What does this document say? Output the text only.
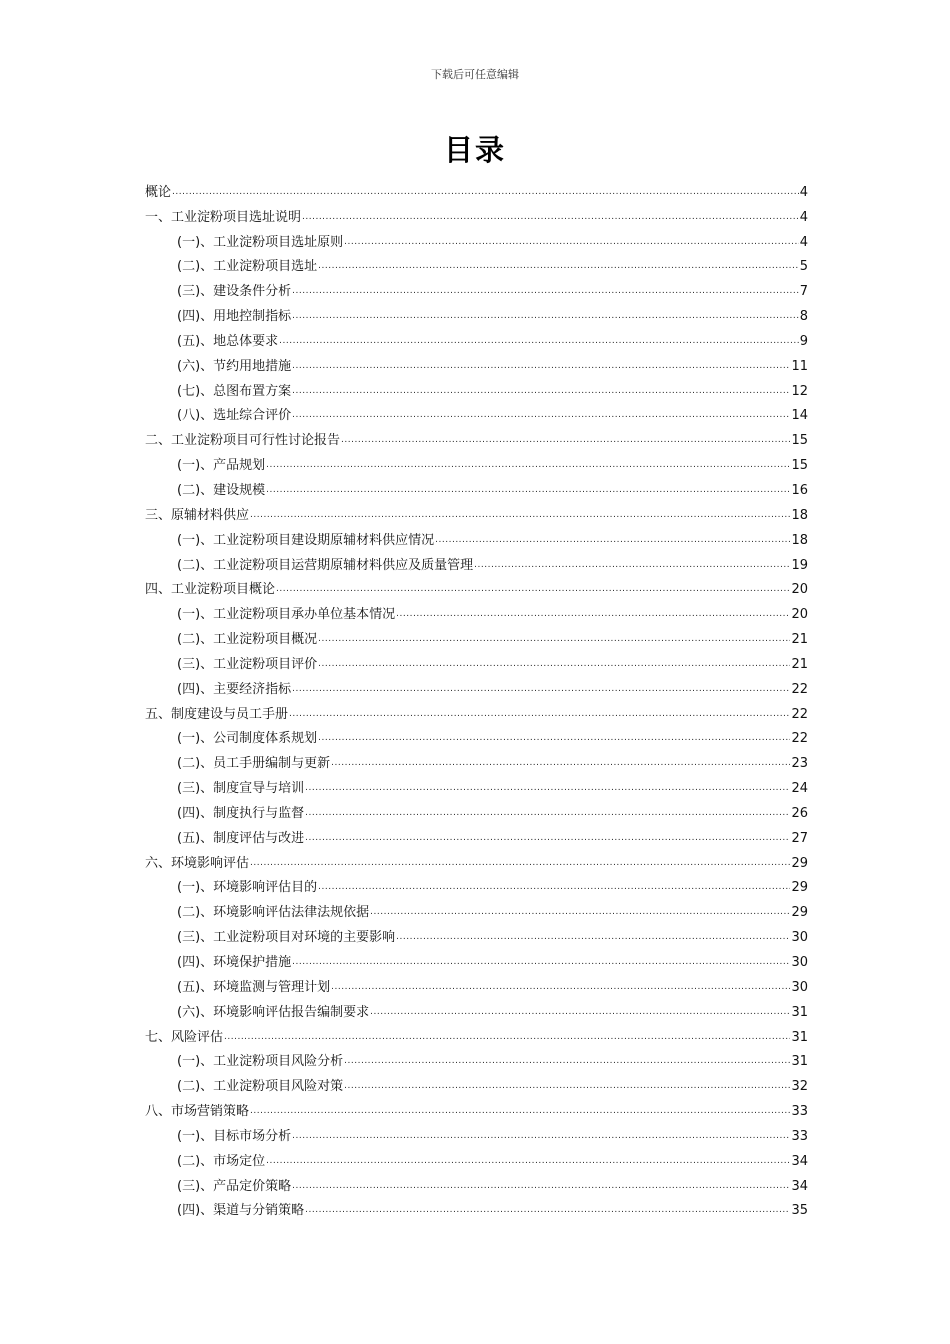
下载后可任意编辑
目录
概论 .....	4
一、工业淀粉项目选址说明 .....	4
(一)、工业淀粉项目选址原则 .....	4
(二)、工业淀粉项目选址 .....	5
(三)、建设条件分析 .....	7
(四)、用地控制指标 .....	8
(五)、地总体要求 .....	9
(六)、节约用地措施 .....	11
(七)、总图布置方案 .....	12
(八)、选址综合评价 .....	14
二、工业淀粉项目可行性讨论报告 .....	15
(一)、产品规划 .....	15
(二)、建设规模 .....	16
三、原辅材料供应 .....	18
(一)、工业淀粉项目建设期原辅材料供应情况 .....	18
(二)、工业淀粉项目运营期原辅材料供应及质量管理 .....	19
四、工业淀粉项目概论 .....	20
(一)、工业淀粉项目承办单位基本情况 .....	20
(二)、工业淀粉项目概况 .....	21
(三)、工业淀粉项目评价 .....	21
(四)、主要经济指标 .....	22
五、制度建设与员工手册 .....	22
(一)、公司制度体系规划 .....	22
(二)、员工手册编制与更新 .....	23
(三)、制度宣导与培训 .....	24
(四)、制度执行与监督 .....	26
(五)、制度评估与改进 .....	27
六、环境影响评估 .....	29
(一)、环境影响评估目的 .....	29
(二)、环境影响评估法律法规依据 .....	29
(三)、工业淀粉项目对环境的主要影响 .....	30
(四)、环境保护措施 .....	30
(五)、环境监测与管理计划 .....	30
(六)、环境影响评估报告编制要求 .....	31
七、风险评估 .....	31
(一)、工业淀粉项目风险分析 .....	31
(二)、工业淀粉项目风险对策 .....	32
八、市场营销策略 .....	33
(一)、目标市场分析 .....	33
(二)、市场定位 .....	34
(三)、产品定价策略 .....	34
(四)、渠道与分销策略 .....	35
